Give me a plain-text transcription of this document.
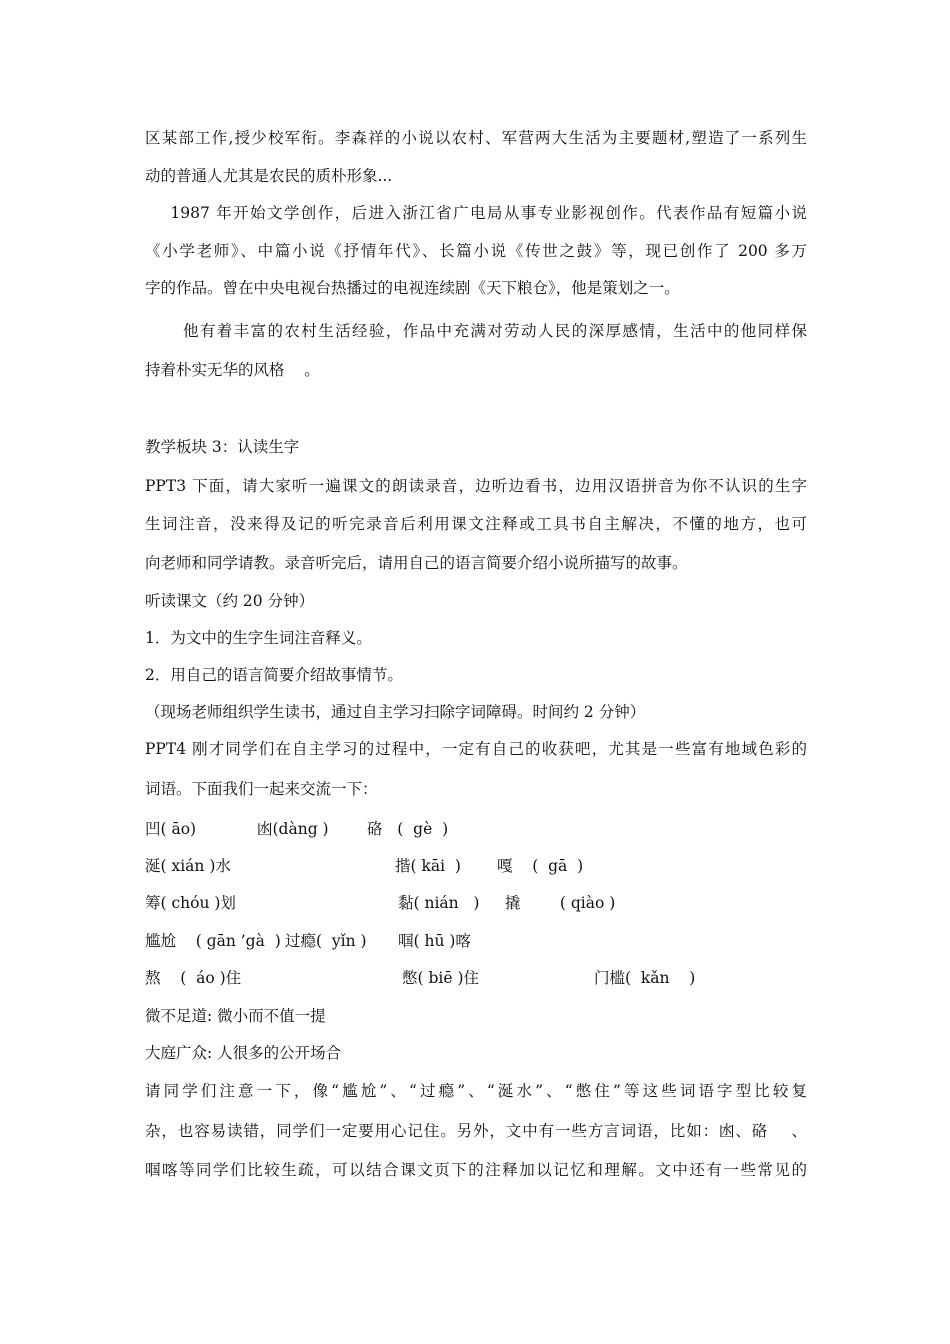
区某部工作,授少校军衔。李森祥的小说以农村、军营两大生活为主要题材,塑造了一系列生
动的普通人尤其是农民的质朴形象...
1987 年开始文学创作，后进入浙江省广电局从事专业影视创作。代表作品有短篇小说
《小学老师》、中篇小说《抒情年代》、长篇小说《传世之鼓》等，现已创作了 200 多万
字的作品。曾在中央电视台热播过的电视连续剧《天下粮仓》，他是策划之一。
他有着丰富的农村生活经验，作品中充满对劳动人民的深厚感情，生活中的他同样保
持着朴实无华的风格    。
教学板块 3：认读生字
PPT3 下面，请大家听一遍课文的朗读录音，边听边看书，边用汉语拼音为你不认识的生字
生词注音，没来得及记的听完录音后利用课文注释或工具书自主解决，不懂的地方，也可
向老师和同学请教。录音听完后，请用自己的语言简要介绍小说所描写的故事。
听读课文（约 20 分钟）
1．为文中的生字生词注音释义。
2．用自己的语言简要介绍故事情节。
（现场老师组织学生读书，通过自主学习扫除字词障碍。时间约 2 分钟）
PPT4 刚才同学们在自主学习的过程中，一定有自己的收获吧，尤其是一些富有地域色彩的
词语。下面我们一起来交流一下：
凹( āo)	凼(dàng ) 硌   (  gè  )
涎( xián )水	揩( kāi  ) 嘎    (  gā  )
筹( chóu )划	黏( nián   ) 撬        ( qiào )
尴尬    ( ɡān ’gà  ) 过瘾(  yǐn ) 啯( hū )喀
熬    (  áo )住	憋( biē )住	门槛(  kǎn    )
微不足道: 微小而不值一提
大庭广众: 人很多的公开场合
请同学们注意一下，像“尴尬”、“过瘾”、“涎水”、“憋住”等这些词语字型比较复
杂，也容易读错，同学们一定要用心记住。另外，文中有一些方言词语，比如：凼、硌    、
啯喀等同学们比较生疏，可以结合课文页下的注释加以记忆和理解。文中还有一些常见的
